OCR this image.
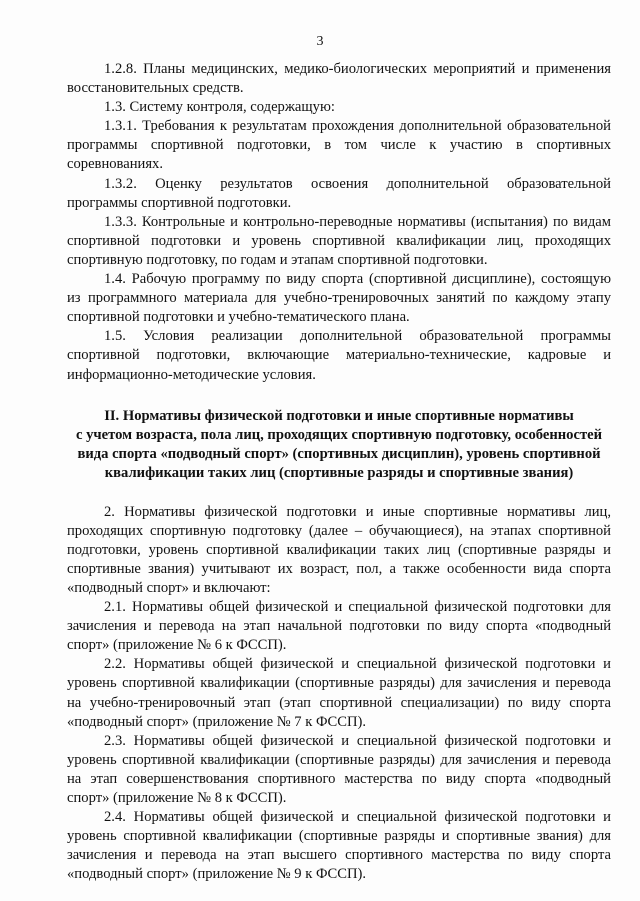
3

1.2.8. Планы медицинских, медико-биологических мероприятий и применения восстановительных средств.

1.3. Систему контроля, содержащую:

1.3.1. Требования к результатам прохождения дополнительной образовательной программы спортивной подготовки, в том числе к участию в спортивных соревнованиях.

1.3.2. Оценку результатов освоения дополнительной образовательной программы спортивной подготовки.

1.3.3. Контрольные и контрольно-переводные нормативы (испытания) по видам спортивной подготовки и уровень спортивной квалификации лиц, проходящих спортивную подготовку, по годам и этапам спортивной подготовки.

1.4. Рабочую программу по виду спорта (спортивной дисциплине), состоящую из программного материала для учебно-тренировочных занятий по каждому этапу спортивной подготовки и учебно-тематического плана.

1.5. Условия реализации дополнительной образовательной программы спортивной подготовки, включающие материально-технические, кадровые и информационно-методические условия.

II. Нормативы физической подготовки и иные спортивные нормативы
с учетом возраста, пола лиц, проходящих спортивную подготовку, особенностей
вида спорта «подводный спорт» (спортивных дисциплин), уровень спортивной
квалификации таких лиц (спортивные разряды и спортивные звания)

2. Нормативы физической подготовки и иные спортивные нормативы лиц, проходящих спортивную подготовку (далее – обучающиеся), на этапах спортивной подготовки, уровень спортивной квалификации таких лиц (спортивные разряды и спортивные звания) учитывают их возраст, пол, а также особенности вида спорта «подводный спорт» и включают:

2.1. Нормативы общей физической и специальной физической подготовки для зачисления и перевода на этап начальной подготовки по виду спорта «подводный спорт» (приложение № 6 к ФССП).

2.2. Нормативы общей физической и специальной физической подготовки и уровень спортивной квалификации (спортивные разряды) для зачисления и перевода на учебно-тренировочный этап (этап спортивной специализации) по виду спорта «подводный спорт» (приложение № 7 к ФССП).

2.3. Нормативы общей физической и специальной физической подготовки и уровень спортивной квалификации (спортивные разряды) для зачисления и перевода на этап совершенствования спортивного мастерства по виду спорта «подводный спорт» (приложение № 8 к ФССП).

2.4. Нормативы общей физической и специальной физической подготовки и уровень спортивной квалификации (спортивные разряды и спортивные звания) для зачисления и перевода на этап высшего спортивного мастерства по виду спорта «подводный спорт» (приложение № 9 к ФССП).
